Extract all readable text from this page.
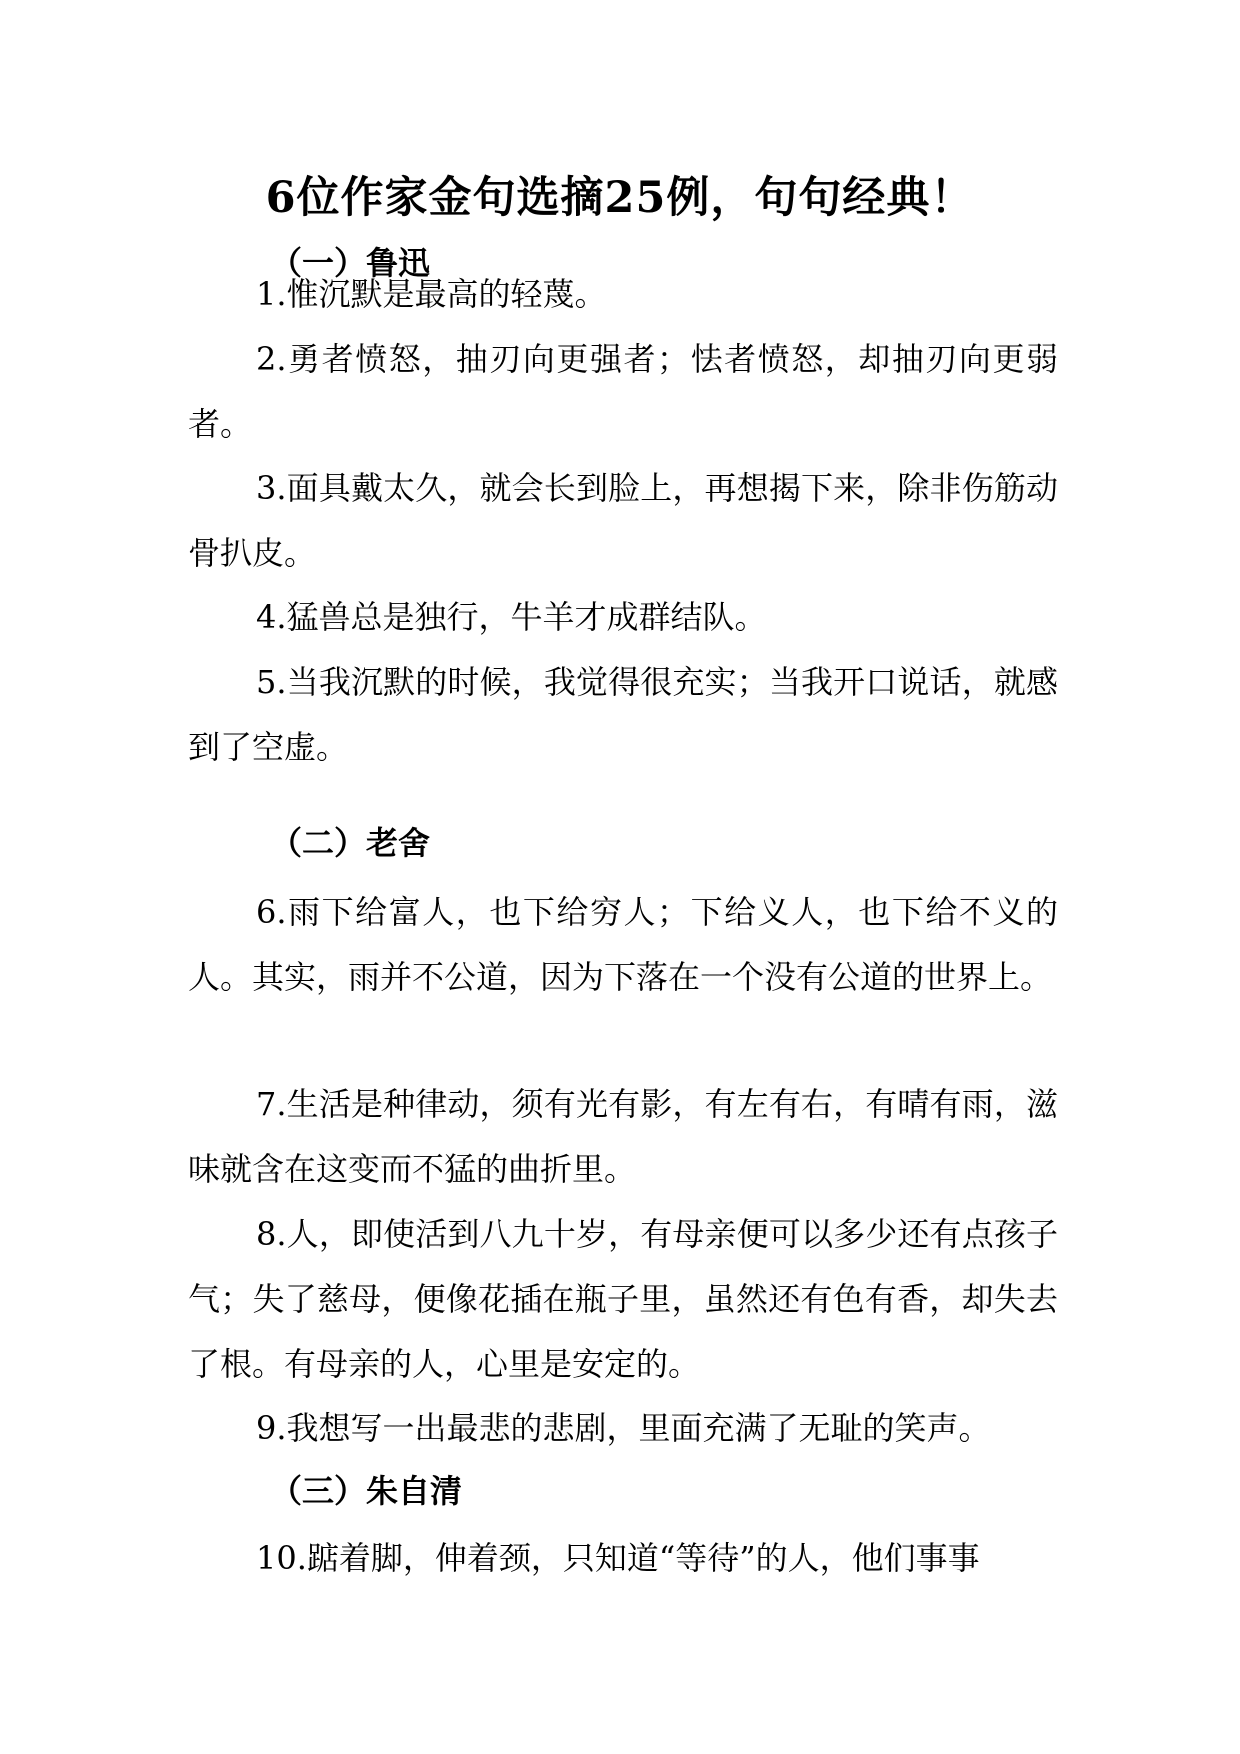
6位作家金句选摘25例，句句经典！
（一）鲁迅

1.惟沉默是最高的轻蔑。

2.勇者愤怒，抽刃向更强者；怯者愤怒，却抽刃向更弱者。

3.面具戴太久，就会长到脸上，再想揭下来，除非伤筋动骨扒皮。

4.猛兽总是独行，牛羊才成群结队。

5.当我沉默的时候，我觉得很充实；当我开口说话，就感到了空虚。

（二）老舍

6.雨下给富人，也下给穷人；下给义人，也下给不义的人。其实，雨并不公道，因为下落在一个没有公道的世界上。

7.生活是种律动，须有光有影，有左有右，有晴有雨，滋味就含在这变而不猛的曲折里。

8.人，即使活到八九十岁，有母亲便可以多少还有点孩子气；失了慈母，便像花插在瓶子里，虽然还有色有香，却失去了根。有母亲的人，心里是安定的。

9.我想写一出最悲的悲剧，里面充满了无耻的笑声。

（三）朱自清

10.踮着脚，伸着颈，只知道“等待”的人，他们事事
